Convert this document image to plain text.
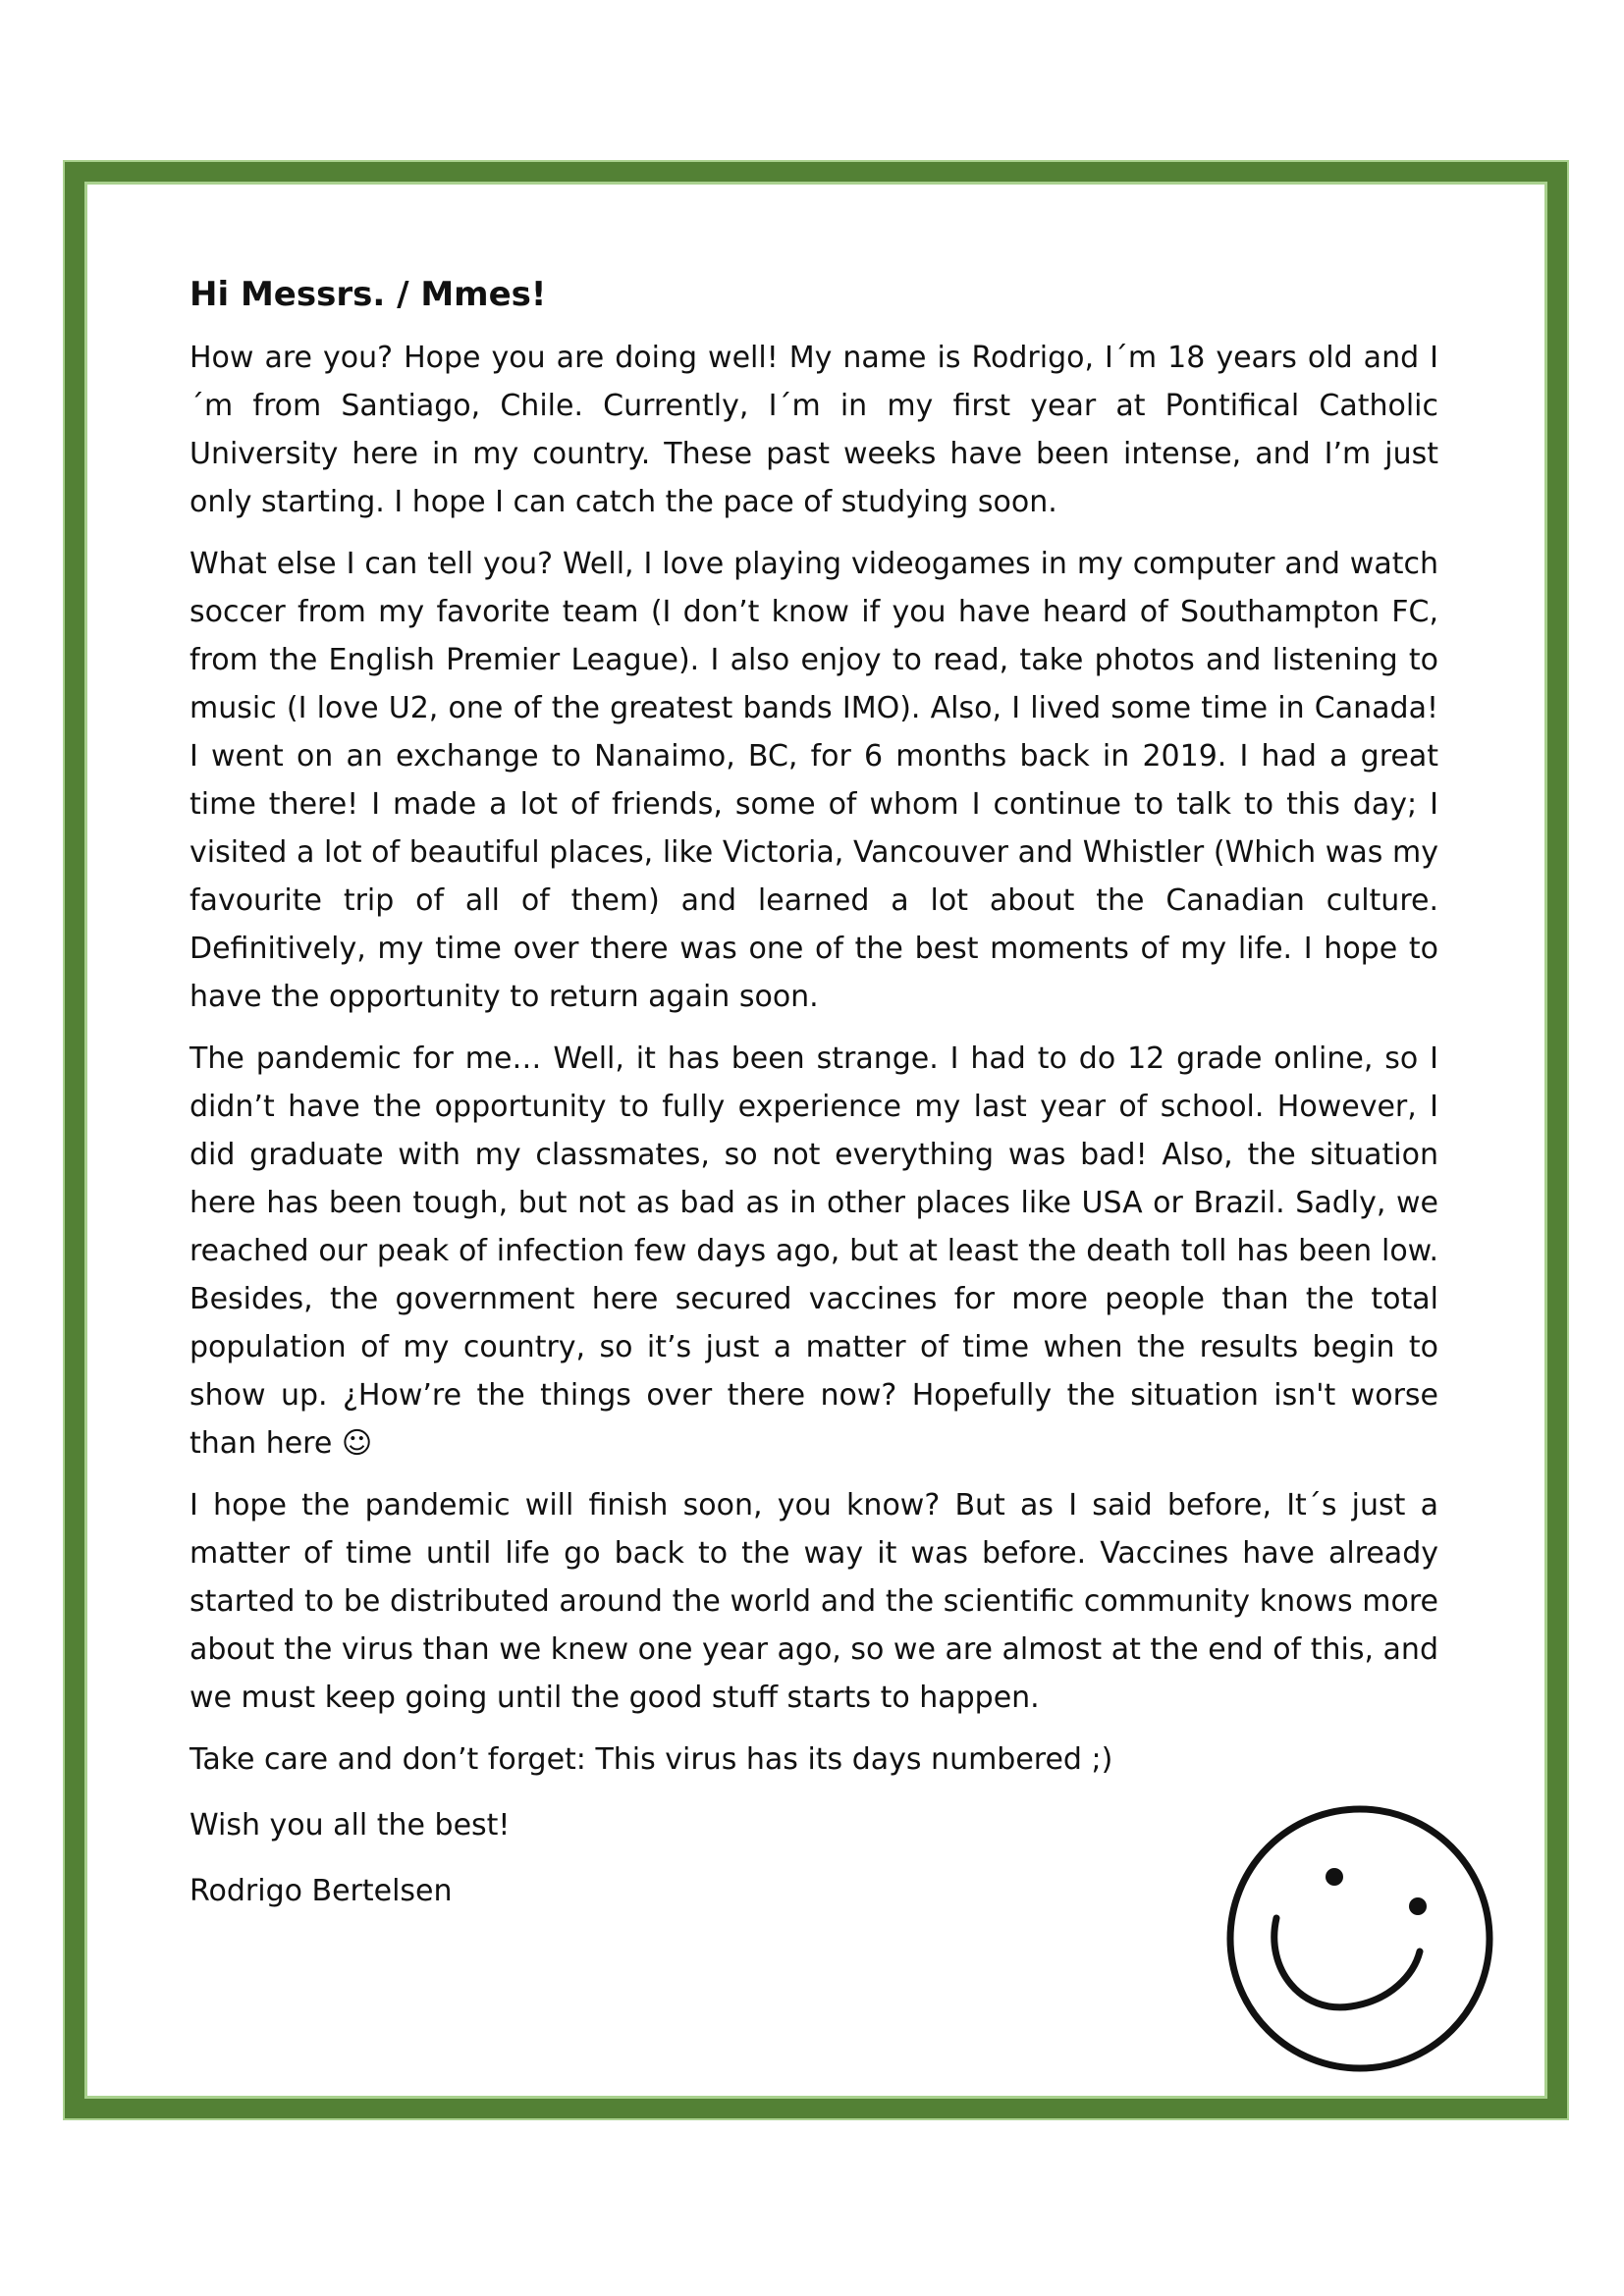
Hi Messrs. / Mmes!

How are you? Hope you are doing well! My name is Rodrigo, I´m 18 years old and I´m from Santiago, Chile. Currently, I´m in my first year at Pontifical Catholic University here in my country. These past weeks have been intense, and I’m just only starting. I hope I can catch the pace of studying soon.

What else I can tell you? Well, I love playing videogames in my computer and watch soccer from my favorite team (I don’t know if you have heard of Southampton FC, from the English Premier League). I also enjoy to read, take photos and listening to music (I love U2, one of the greatest bands IMO). Also, I lived some time in Canada! I went on an exchange to Nanaimo, BC, for 6 months back in 2019. I had a great time there! I made a lot of friends, some of whom I continue to talk to this day; I visited a lot of beautiful places, like Victoria, Vancouver and Whistler (Which was my favourite trip of all of them) and learned a lot about the Canadian culture. Definitively, my time over there was one of the best moments of my life. I hope to have the opportunity to return again soon.

The pandemic for me… Well, it has been strange. I had to do 12 grade online, so I didn’t have the opportunity to fully experience my last year of school. However, I did graduate with my classmates, so not everything was bad! Also, the situation here has been tough, but not as bad as in other places like USA or Brazil. Sadly, we reached our peak of infection few days ago, but at least the death toll has been low. Besides, the government here secured vaccines for more people than the total population of my country, so it’s just a matter of time when the results begin to show up. ¿How’re the things over there now? Hopefully the situation isn't worse than here ☺

I hope the pandemic will finish soon, you know? But as I said before, It´s just a matter of time until life go back to the way it was before. Vaccines have already started to be distributed around the world and the scientific community knows more about the virus than we knew one year ago, so we are almost at the end of this, and we must keep going until the good stuff starts to happen.

Take care and don’t forget: This virus has its days numbered ;)

Wish you all the best!

Rodrigo Bertelsen
